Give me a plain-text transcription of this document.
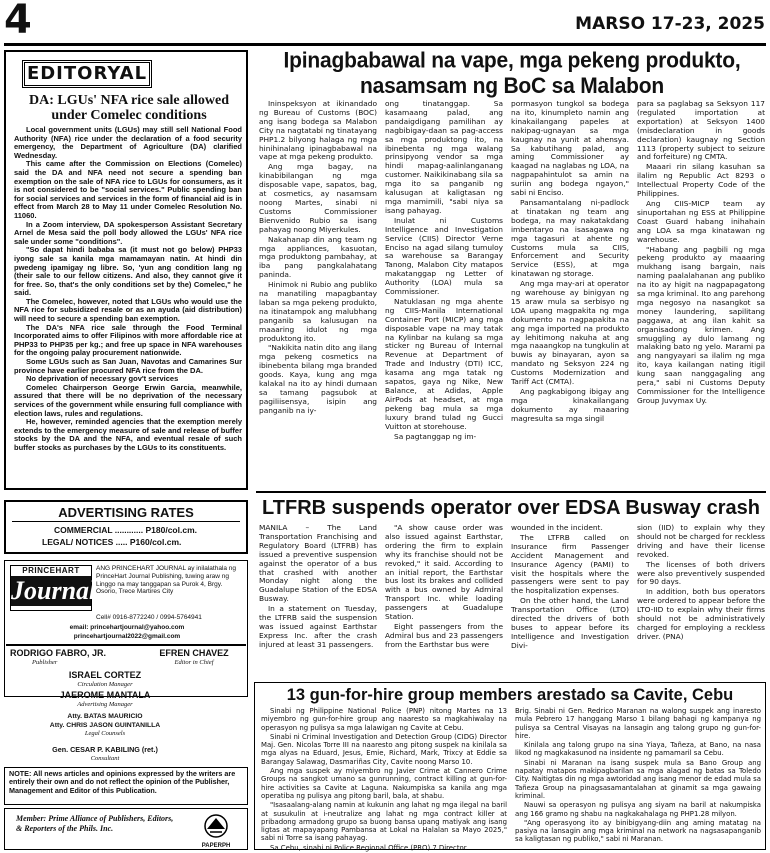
4	MARSO 17-23, 2025
EDITORYAL
DA: LGUs' NFA rice sale allowed under Comelec conditions

Local government units (LGUs) may still sell National Food Authority (NFA) rice under the declaration of a food security emergency, the Department of Agriculture (DA) clarified Wednesday.

This came after the Commission on Elections (Comelec) said the DA and NFA need not secure a spending ban exemption on the sale of NFA rice to LGUs for consumers, as it is not considered to be "social services." Public spending ban for social services and services in the form of financial aid is in effect from March 28 to May 11 under Comelec Resolution No. 11060.

In a Zoom interview, DA spokesperson Assistant Secretary Arnel de Mesa said the poll body allowed the LGUs' NFA rice sale under some "conditions".

"So dapat hindi bababa sa (it must not go below) PHP33 iyong sale sa kanila mga mamamayan natin. At hindi din pwedeng ipamigay ng libre. So, 'yun ang condition lang ng (their sale to our fellow citizens. And also, they cannot give it for free. So, that's the only conditions set by the) Comelec," he said.

The Comelec, however, noted that LGUs who would use the NFA rice for subsidized resale or as an ayuda (aid distribution) will need to secure a spending ban exemption.

The DA's NFA rice sale through the Food Terminal Incorporated aims to offer Filipinos with more affordable rice at PHP33 to PHP35 per kg.; and free up space in NFA warehouses for the ongoing palay procurement nationwide.

Some LGUs such as San Juan, Navotas and Camarines Sur province have earlier procured NFA rice from the DA.

No deprivation of necessary gov't services

Comelec Chairperson George Erwin Garcia, meanwhile, assured that there will be no deprivation of the necessary services of the government while ensuring full compliance with election laws, rules and regulations.

He, however, reminded agencies that the exemption merely extends to the emergency measure of sale and release of buffer stocks by the DA and the NFA, and eventual resale of such buffer stocks as purchases by the LGUs to its constituents.

ADVERTISING RATES
COMMERCIAL ............ P180/col.cm.
LEGAL/ NOTICES ..... P160/col.cm.
PRINCEHART
Journal
ANG PRINCEHART JOURNAL ay inilalathala ng PrinceHart Journal Publishing, tuwing araw ng Linggo na may tanggapan sa Purok 4, Brgy. Osorio, Trece Martires City
Cell# 0916-8772240 / 0994-5764941
email: princehartjournal@yahoo.com
princehartjournal2022@gmail.com
RODRIGO FABRO, JR.
Publisher
EFREN CHAVEZ
Editor in Chief
ISRAEL CORTEZ
Circulation Manager
JAEROME MANTALA
Advertising Manager
Atty. BATAS MAURICIO
Atty. CHRIS JASON GUINTANILLA
Legal Counsels
Gen. CESAR P. KABILING (ret.)
Consultant
NOTE: All news articles and opinions expressed by the writers are entirely their own and do not reflect the opinion of the Publisher, Management and Editor of this Publication.
Member: Prime Alliance of Publishers, Editors, & Reporters of the Phils. Inc.
PAPERPH
Ipinagbabawal na vape, mga pekeng produkto, nasamsam ng BoC sa Malabon

Ininspeksyon at ikinandado ng Bureau of Customs (BOC) ang isang bodega sa Malabon City na nagtatabi ng tinatayang PHP1.2 bilyong halaga ng mga hinihinalang ipinagbabawal na vape at mga pekeng produkto.

Ang mga bagay, na kinabibilangan ng mga disposable vape, sapatos, bag, at cosmetics, ay nasamsam noong Martes, sinabi ni Customs Commissioner Bienvenido Rubio sa isang pahayag noong Miyerkules.

Nakahanap din ang team ng mga appliances, kasuotan, mga produktong pambahay, at iba pang pangkalahatang paninda.

Hinimok ni Rubio ang publiko na manatiling mapagbantay laban sa mga pekeng produkto, na itinatampok ang malubhang panganib sa kalusugan na maaaring idulot ng mga produktong ito.

"Nakikita natin dito ang ilang mga pekeng cosmetics na ibinebenta bilang mga branded goods. Kaya, kung ang mga kalakal na ito ay hindi dumaan sa tamang pagsubok at pagiliisensya, isipin ang panganib na iy-

ong tinatanggap. Sa kasamaang palad, ang pandaigdigang pamilihan ay nagbibigay-daan sa pag-access sa mga produktong ito, na ibinebenta ng mga walang prinsipyong vendor sa mga hindi mapag-aalinlanganang customer. Naikikinabang sila sa mga ito sa panganib ng kalusugan at kaligtasan ng mga mamimili, "sabi niya sa isang pahayag.

Inulat ni Customs Intelligence and Investigation Service (CIIS) Director Verne Enciso na agad silang tumuloy sa warehouse sa Barangay Tanong, Malabon City matapos makatanggap ng Letter of Authority (LOA) mula sa Commissioner.

Natuklasan ng mga ahente ng CIIS-Manila International Container Port (MICP) ang mga disposable vape na may tatak na Kylinbar na kulang sa mga sticker ng Bureau of Internal Revenue at Department of Trade and Industry (DTI) ICC, kasama ang mga tatak ng sapatos, gaya ng Nike, New Balance, at Adidas, Apple AirPods at headset, at mga pekeng bag mula sa mga luxury brand tulad ng Gucci Vuitton at storehouse.

Sa pagtanggap ng im-

pormasyon tungkol sa bodega na ito, kinumpleto namin ang kinakailangang papeles at nakipag-ugnayan sa mga kaugnay na yunit at ahensya. Sa kabutihang palad, ang aming Commissioner ay kaagad na naglabas ng LOA, na nagpapahintulot sa amin na suriin ang bodega ngayon," sabi ni Enciso.

Pansamantalang ni-padlock at tinatakan ng team ang bodega, na may nakatakdang imbentaryo na isasagawa ng mga tagasuri at ahente ng Customs mula sa CIIS, Enforcement and Security Service (ESS), at mga kinatawan ng storage.

Ang mga may-ari at operator ng warehouse ay binigyan ng 15 araw mula sa serbisyo ng LOA upang magpakita ng mga dokumento na nagpapakita na ang mga imported na produkto ay lehitimong nakuha at ang mga naaangkop na tungkulin at buwis ay binayaran, ayon sa mandato ng Seksyon 224 ng Customs Modernization and Tariff Act (CMTA).

Ang pagkabigong ibigay ang mga kinakailangang dokumento ay maaaring magresulta sa mga singil

para sa paglabag sa Seksyon 117 (regulated importation at exportation) at Seksyon 1400 (misdeclaration in goods declaration) kaugnay ng Section 1113 (property subject to seizure and forfeiture) ng CMTA.

Maaari rin silang kasuhan sa ilalim ng Republic Act 8293 o Intellectual Property Code of the Philippines.

Ang CIIS-MICP team ay sinuportahan ng ESS at Philippine Coast Guard habang inihahain ang LOA sa mga kinatawan ng warehouse.

"Habang ang pagbili ng mga pekeng produkto ay maaaring mukhang isang bargain, nais naming paalalahanan ang publiko na ito ay higit na nagpapagatong sa mga kriminal. Ito ang parehong mga negosyo na nasangkot sa money laundering, sapilitang paggawa, at ang ilan kahit sa organisadong krimen. Ang smuggling ay dulo lamang ng malaking bato ng yelo. Marami pa ang nangyayari sa ilalim ng mga ito, kaya kailangan nating itigil kung saan nanggagaling ang pera," sabi ni Customs Deputy Commissioner for the Intelligence Group Juvymax Uy.

LTFRB suspends operator over EDSA Busway crash

MANILA – The Land Transportation Franchising and Regulatory Board (LTFRB) has issued a preventive suspension against the operator of a bus that crashed with another Monday night along the Guadalupe Station of the EDSA Busway.

In a statement on Tuesday, the LTFRB said the suspension was issued against Earthstar Express Inc. after the crash injured at least 31 passengers.

"A show cause order was also issued against Earthstar, ordering the firm to explain why its franchise should not be revoked," it said. According to an initial report, the Earthstar bus lost its brakes and collided with a bus owned by Admiral Transport Inc. while loading passengers at Guadalupe Station.

Eight passengers from the Admiral bus and 23 passengers from the Earthstar bus were

wounded in the incident.

The LTFRB called on Insurance firm Passenger Accident Management and Insurance Agency (PAMI) to visit the hospitals where the passengers were sent to pay the hospitalization expenses.

On the other hand, the Land Transportation Office (LTO) directed the drivers of both buses to appear before its Intelligence and Investigation Divi-

sion (IID) to explain why they should not be charged for reckless driving and have their license revoked.

The licenses of both drivers were also preventively suspended for 90 days.

In addition, both bus operators were ordered to appear before the LTO-IID to explain why their firms should not be administratively charged for employing a reckless driver. (PNA)

13 gun-for-hire group members arestado sa Cavite, Cebu

Sinabi ng Philippine National Police (PNP) nitong Martes na 13 miyembro ng gun-for-hire group ang naaresto sa magkahiwalay na operasyon ng pulisya sa mga lalawigan ng Cavite at Cebu.

Sinabi ni Criminal Investigation and Detection Group (CIDG) Director Maj. Gen. Nicolas Torre III na naaresto ang pitong suspek na kinilala sa mga alyas na Eduard, Jesus, Emie, Richard, Mark, Trixcy at Eddie sa Barangay Salawag, Dasmariñas City, Cavite noong Marso 10.

Ang mga suspek ay miyembro ng Javier Crime at Cannero Crime Groups na sangkot umano sa gunrunning, contract killing at gun-for-hire activities sa Cavite at Laguna. Nakumpiska sa kanila ang mga operatiba ng pulisya ang pitong baril, bala, at shabu.

"Isasaalang-alang namin at kukunin ang lahat ng mga ilegal na baril at susukulin at i-neutralize ang lahat ng mga contract killer at pribadong armadong grupo sa buong bansa upang matiyak ang isang ligtas at mapayapang Pambansa at Lokal na Halalan sa Mayo 2025," sabi ni Torre sa isang pahayag.

Sa Cebu, sinabi ni Police Regional Office (PRO) 7 Director

Brig. Sinabi ni Gen. Redrico Maranan na walong suspek ang inaresto mula Pebrero 17 hanggang Marso 1 bilang bahagi ng kampanya ng pulisya sa Central Visayas na lansagin ang talong grupo ng gun-for-hire.

Kinilala ang talong grupo na sina Yiaya, Tañeza, at Bano, na nasa likod ng magkakasunod na insidente ng pamamaril sa Cebu.

Sinabi ni Maranan na isang suspek mula sa Bano Group ang napatay matapos makipagbarilan sa mga alagad ng batas sa Toledo City. Naitigtas din ng mga awtoridad ang isang menor de edad mula sa Tañeza Group na pinagsasamantalahan at ginamit sa mga gawaing kriminal.

Nauwi sa operasyon ng pulisya ang siyam na baril at nakumpiska ang 166 gramo ng shabu na nagkakahalaga ng PHP1.28 milyon.

"Ang operasyong ito ay binibigyang-diin ang aming matatag na pasiya na lansagin ang mga kriminal na network na nagsasapanganib sa kaligtasan ng publiko," sabi ni Maranan.
